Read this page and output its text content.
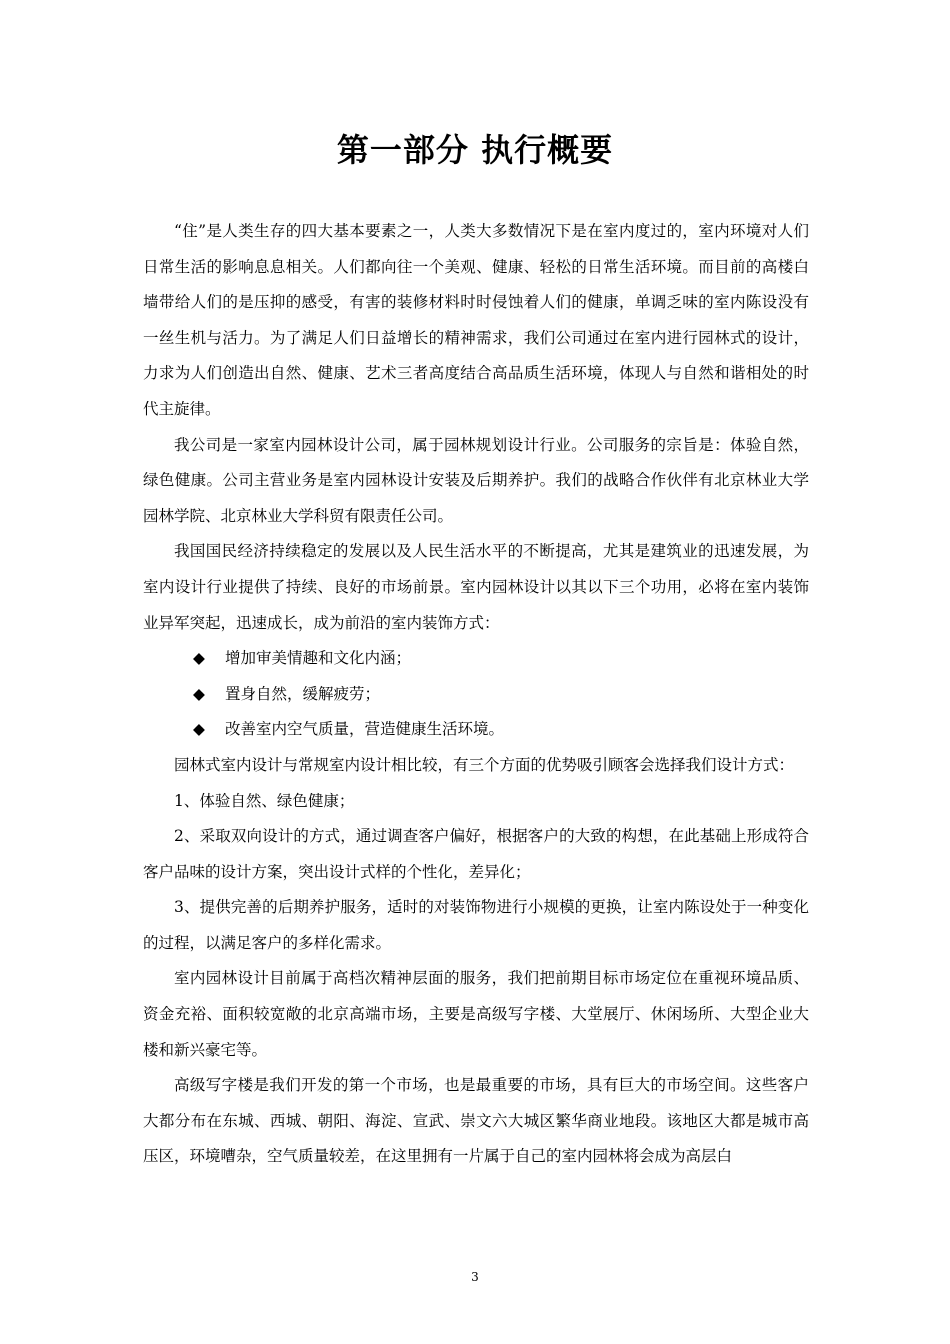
第一部分 执行概要

“住”是人类生存的四大基本要素之一，人类大多数情况下是在室内度过的，室内环境对人们日常生活的影响息息相关。人们都向往一个美观、健康、轻松的日常生活环境。而目前的高楼白墙带给人们的是压抑的感受，有害的装修材料时时侵蚀着人们的健康，单调乏味的室内陈设没有一丝生机与活力。为了满足人们日益增长的精神需求，我们公司通过在室内进行园林式的设计，力求为人们创造出自然、健康、艺术三者高度结合高品质生活环境，体现人与自然和谐相处的时代主旋律。

我公司是一家室内园林设计公司，属于园林规划设计行业。公司服务的宗旨是：体验自然，绿色健康。公司主营业务是室内园林设计安装及后期养护。我们的战略合作伙伴有北京林业大学园林学院、北京林业大学科贸有限责任公司。

我国国民经济持续稳定的发展以及人民生活水平的不断提高，尤其是建筑业的迅速发展，为室内设计行业提供了持续、良好的市场前景。室内园林设计以其以下三个功用，必将在室内装饰业异军突起，迅速成长，成为前沿的室内装饰方式：

◆ 增加审美情趣和文化内涵；

◆ 置身自然，缓解疲劳；

◆ 改善室内空气质量，营造健康生活环境。

园林式室内设计与常规室内设计相比较，有三个方面的优势吸引顾客会选择我们设计方式：

1、体验自然、绿色健康；

2、采取双向设计的方式，通过调查客户偏好，根据客户的大致的构想，在此基础上形成符合客户品味的设计方案，突出设计式样的个性化，差异化；

3、提供完善的后期养护服务，适时的对装饰物进行小规模的更换，让室内陈设处于一种变化的过程，以满足客户的多样化需求。

室内园林设计目前属于高档次精神层面的服务，我们把前期目标市场定位在重视环境品质、资金充裕、面积较宽敞的北京高端市场，主要是高级写字楼、大堂展厅、休闲场所、大型企业大楼和新兴豪宅等。

高级写字楼是我们开发的第一个市场，也是最重要的市场，具有巨大的市场空间。这些客户大都分布在东城、西城、朝阳、海淀、宣武、崇文六大城区繁华商业地段。该地区大都是城市高压区，环境嘈杂，空气质量较差，在这里拥有一片属于自己的室内园林将会成为高层白

3
